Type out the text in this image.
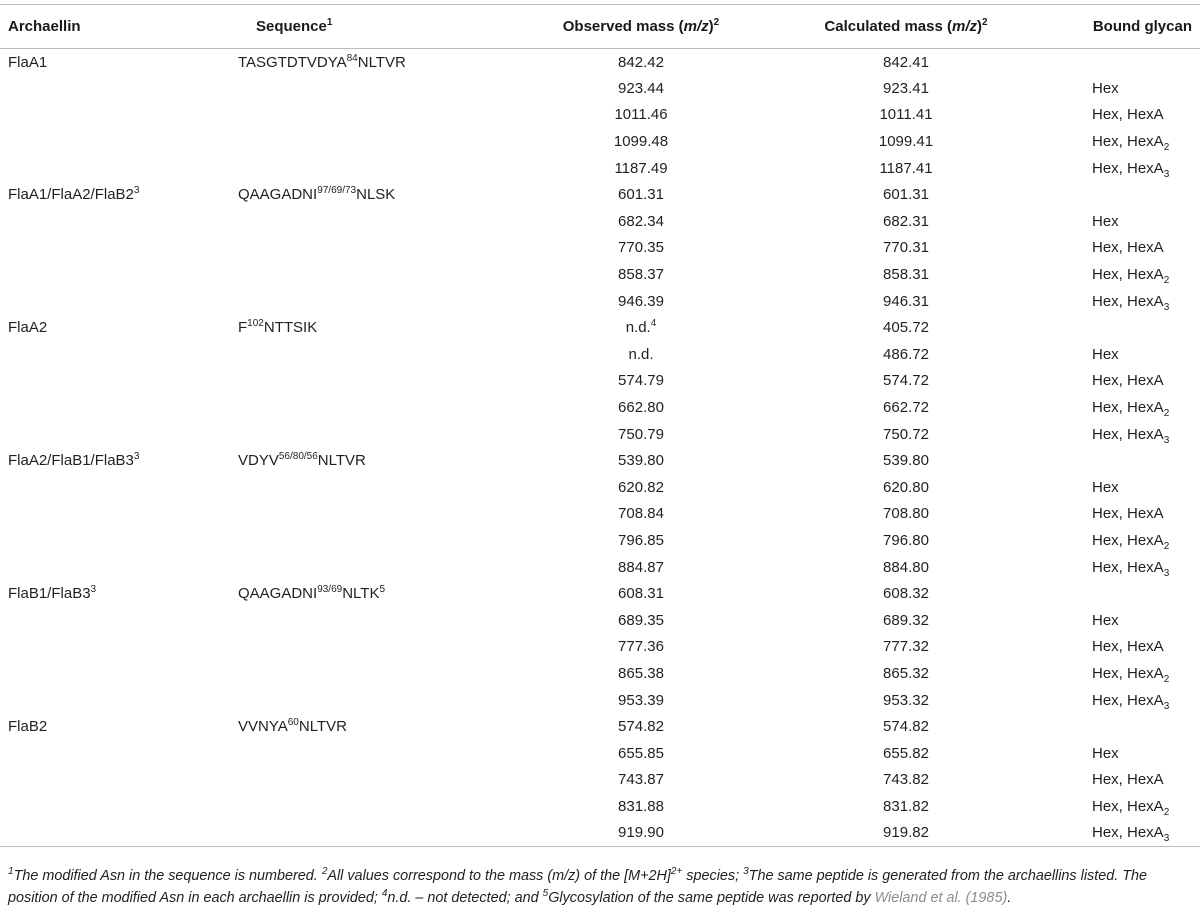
Archaellin	Sequence$^1$	Observed mass $(m/z)^2$	Calculated mass $(m/z)^2$	Bound glycan
FlaA1	TASGTDTVDYA$^{84}$NLTVR	842.42	842.41	
		923.44	923.41	Hex
		1011.46	1011.41	Hex, HexA
		1099.48	1099.41	Hex, HexA$_2$
		1187.49	1187.41	Hex, HexA$_3$
$FlaA1/FlaA2/FlaB2^3$	$QAAGADNI^{97/69/73}NLSK$	601.31	601.31	
		682.34	682.31	Hex
		770.35	770.31	Hex, HexA
		858.37	858.31	Hex, HexA$_2$
		946.39	946.31	Hex, HexA$_3$
FlaA2	$F^{102}NTTSIK$	n.d.$^4$	405.72	
		n.d.	486.72	Hex
		574.79	574.72	Hex, HexA
		662.80	662.72	Hex, HexA$_2$
		750.79	750.72	Hex, HexA$_3$
$FlaA2/FlaB1/FlaB3^3$	$VDYV^{56/80/56}NLTVR$	539.80	539.80	
		620.82	620.80	Hex
		708.84	708.80	Hex, HexA
		796.85	796.80	Hex, HexA$_2$
		884.87	884.80	Hex, HexA$_3$
$FlaB1/FlaB3^3$	$QAAGADNI^{93/69}NLTK^5$	608.31	608.32	
		689.35	689.32	Hex
		777.36	777.32	Hex, HexA
		865.38	865.32	Hex, HexA$_2$
		953.39	953.32	Hex, HexA$_3$
FlaB2	VVNYA$^{60}$NLTVR	574.82	574.82	
		655.85	655.82	Hex
		743.87	743.82	Hex, HexA
		831.88	831.82	Hex, HexA$_2$
		919.90	919.82	Hex, HexA$_3$
$^1$The modified Asn in the sequence is numbered. $^2$All values correspond to the mass (m/z) of the $[M+2H]^{2+}$ species; $^3$The same peptide is generated from the archaellins listed. The position of the modified Asn in each archaellin is provided; $^4$n.d. – not detected; and $^5$Glycosylation of the same peptide was reported by Wieland et al. (1985).
